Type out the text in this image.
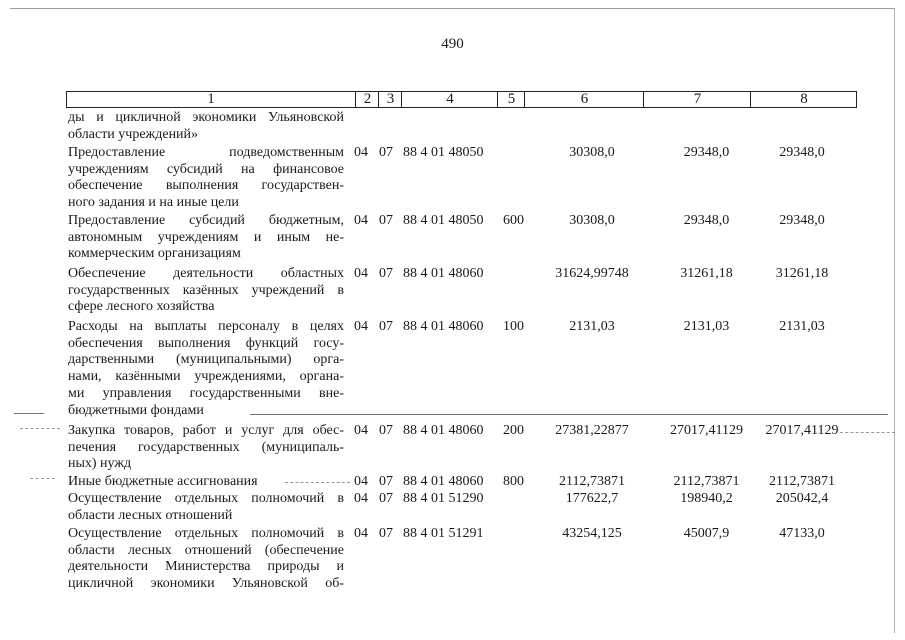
490
1	2	3	4	5	6	7	8
ды и цикличной экономики Ульяновской
области учреждений»
Предоставление подведомственным
учреждениям субсидий на финансовое
обеспечение выполнения государствен-
ного задания и на иные цели
04 07 88 4 01 48050	30308,0	29348,0	29348,0
Предоставление субсидий бюджетным,
автономным учреждениям и иным не-
коммерческим организациям
04 07 88 4 01 48050 600	30308,0	29348,0	29348,0
Обеспечение деятельности областных
государственных казённых учреждений в
сфере лесного хозяйства
04 07 88 4 01 48060	31624,99748	31261,18	31261,18
Расходы на выплаты персоналу в целях
обеспечения выполнения функций госу-
дарственными (муниципальными) орга-
нами, казёнными учреждениями, органа-
ми управления государственными вне-
бюджетными фондами
04 07 88 4 01 48060 100	2131,03	2131,03	2131,03
Закупка товаров, работ и услуг для обес-
печения государственных (муниципаль-
ных) нужд
04 07 88 4 01 48060 200	27381,22877	27017,41129	27017,41129
Иные бюджетные ассигнования	04 07 88 4 01 48060 800	2112,73871	2112,73871	2112,73871
Осуществление отдельных полномочий в
области лесных отношений
04 07 88 4 01 51290	177622,7	198940,2	205042,4
Осуществление отдельных полномочий в
области лесных отношений (обеспечение
деятельности Министерства природы и
цикличной экономики Ульяновской об-
04 07 88 4 01 51291	43254,125	45007,9	47133,0
